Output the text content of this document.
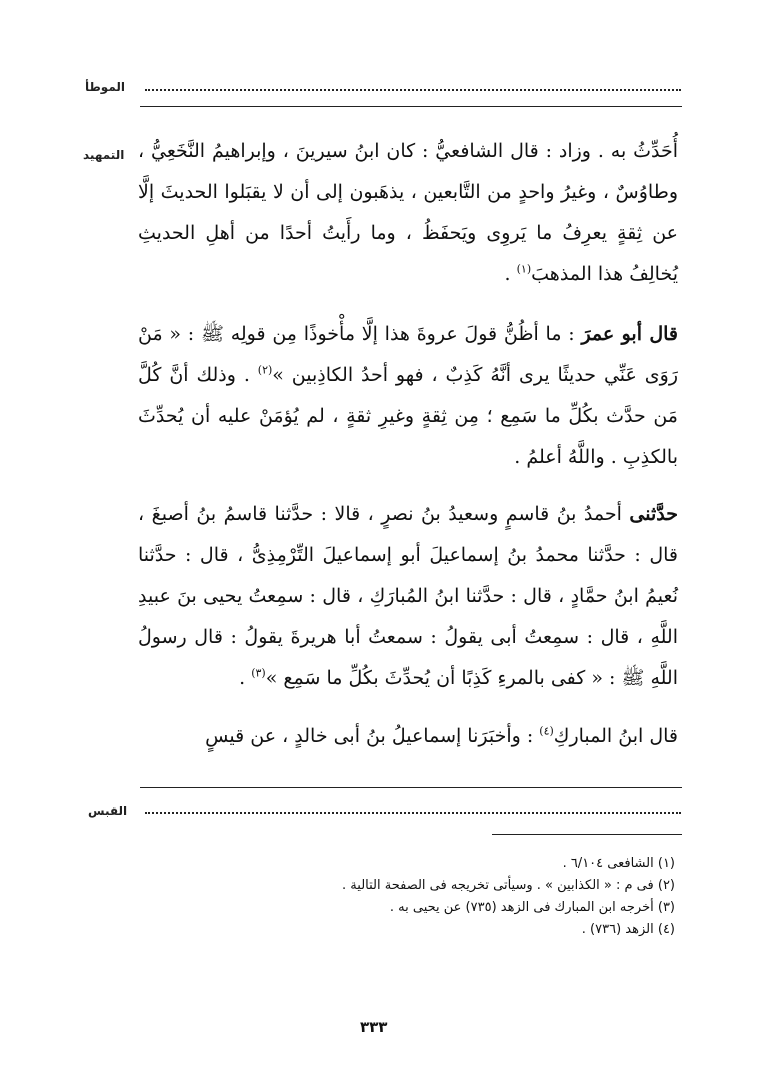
الموطأ
التمهيد أُحَدِّثُ به . وزاد : قال الشافعيُّ : كان ابنُ سيرينَ ، وإبراهيمُ النَّخَعِيُّ ، وطاوُسٌ ، وغيرُ واحدٍ من التَّابعين ، يذهَبون إلى أن لا يقبَلوا الحديثَ إلَّا عن ثِقةٍ يعرِفُ ما يَروِى ويَحفَظُ ، وما رأَيتُ أحدًا من أهلِ الحديثِ يُخالِفُ هذا المذهبَ$^{(١)}$ .

قال أبو عمرَ : ما أظُنُّ قولَ عروةَ هذا إلَّا مأْخوذًا مِن قولِه ﷺ : « مَنْ رَوَى عَنِّي حديثًا يرى أنَّهُ كَذِبٌ ، فهو أحدُ الكاذِبين »$^{(٢)}$ . وذلك أنَّ كُلَّ مَن حدَّث بكُلِّ ما سَمِع ؛ مِن ثِقةٍ وغيرِ ثقةٍ ، لم يُؤمَنْ عليه أن يُحدِّثَ بالكذِبِ . واللَّهُ أعلمُ .

حدَّثنى أحمدُ بنُ قاسمٍ وسعيدُ بنُ نصرٍ ، قالا : حدَّثنا قاسمُ بنُ أصبغَ ، قال : حدَّثنا محمدُ بنُ إسماعيلَ أبو إسماعيلَ التِّرْمِذِىُّ ، قال : حدَّثنا نُعيمُ ابنُ حمَّادٍ ، قال : حدَّثنا ابنُ المُبارَكِ ، قال : سمِعتُ يحيى بنَ عبيدِ اللَّهِ ، قال : سمِعتُ أبى يقولُ : سمعتُ أبا هريرةَ يقولُ : قال رسولُ اللَّهِ ﷺ : « كفى بالمرءِ كَذِبًا أن يُحدِّثَ بكُلِّ ما سَمِع »$^{(٣)}$ .

قال ابنُ المباركِ$^{(٤)}$ : وأخبَرَنا إسماعيلُ بنُ أبى خالدٍ ، عن قيسٍ

القبس
(١) الشافعى ٦/١٠٤ .
(٢) فى م : « الكذابين » . وسيأتى تخريجه فى الصفحة التالية .
(٣) أخرجه ابن المبارك فى الزهد (٧٣٥) عن يحيى به .
(٤) الزهد (٧٣٦) .
٣٣٣
